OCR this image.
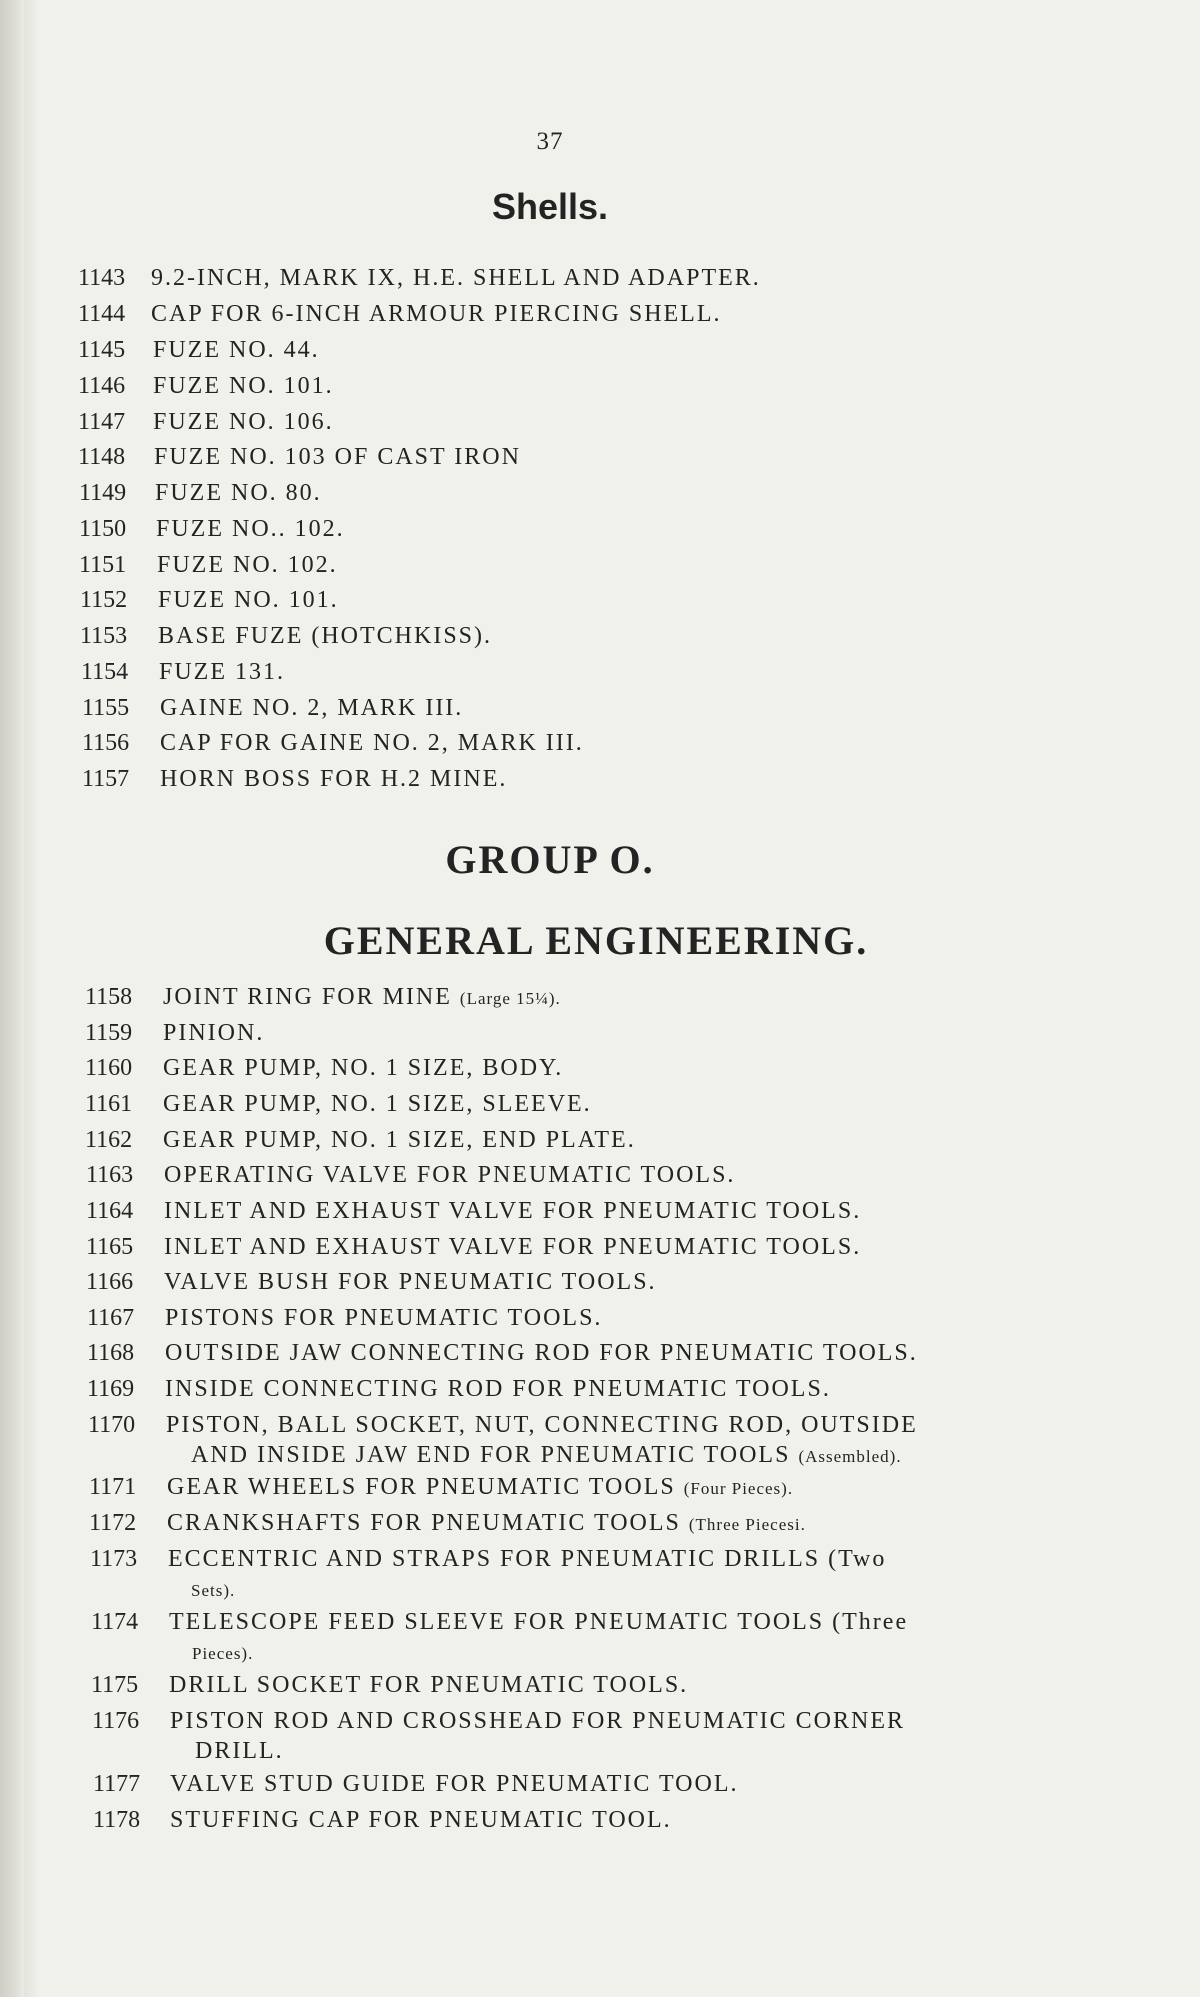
37
Shells.
1143 9.2-INCH, MARK IX, H.E. SHELL AND ADAPTER.
1144 CAP FOR 6-INCH ARMOUR PIERCING SHELL.
1145 FUZE NO. 44.
1146 FUZE NO. 101.
1147 FUZE NO. 106.
1148 FUZE NO. 103 OF CAST IRON
1149 FUZE NO. 80.
1150 FUZE NO.. 102.
1151 FUZE NO. 102.
1152 FUZE NO. 101.
1153 BASE FUZE (HOTCHKISS).
1154 FUZE 131.
1155 GAINE NO. 2, MARK III.
1156 CAP FOR GAINE NO. 2, MARK III.
1157 HORN BOSS FOR H.2 MINE.
GROUP O.
GENERAL ENGINEERING.
1158 JOINT RING FOR MINE (Large 15¼).
1159 PINION.
1160 GEAR PUMP, NO. 1 SIZE, BODY.
1161 GEAR PUMP, NO. 1 SIZE, SLEEVE.
1162 GEAR PUMP, NO. 1 SIZE, END PLATE.
1163 OPERATING VALVE FOR PNEUMATIC TOOLS.
1164 INLET AND EXHAUST VALVE FOR PNEUMATIC TOOLS.
1165 INLET AND EXHAUST VALVE FOR PNEUMATIC TOOLS.
1166 VALVE BUSH FOR PNEUMATIC TOOLS.
1167 PISTONS FOR PNEUMATIC TOOLS.
1168 OUTSIDE JAW CONNECTING ROD FOR PNEUMATIC TOOLS.
1169 INSIDE CONNECTING ROD FOR PNEUMATIC TOOLS.
1170 PISTON, BALL SOCKET, NUT, CONNECTING ROD, OUTSIDE
AND INSIDE JAW END FOR PNEUMATIC TOOLS (Assembled).
1171 GEAR WHEELS FOR PNEUMATIC TOOLS (Four Pieces).
1172 CRANKSHAFTS FOR PNEUMATIC TOOLS (Three Piecesi.
1173 ECCENTRIC AND STRAPS FOR PNEUMATIC DRILLS (Two
Sets).
1174 TELESCOPE FEED SLEEVE FOR PNEUMATIC TOOLS (Three
Pieces).
1175 DRILL SOCKET FOR PNEUMATIC TOOLS.
1176 PISTON ROD AND CROSSHEAD FOR PNEUMATIC CORNER
DRILL.
1177 VALVE STUD GUIDE FOR PNEUMATIC TOOL.
1178 STUFFING CAP FOR PNEUMATIC TOOL.
